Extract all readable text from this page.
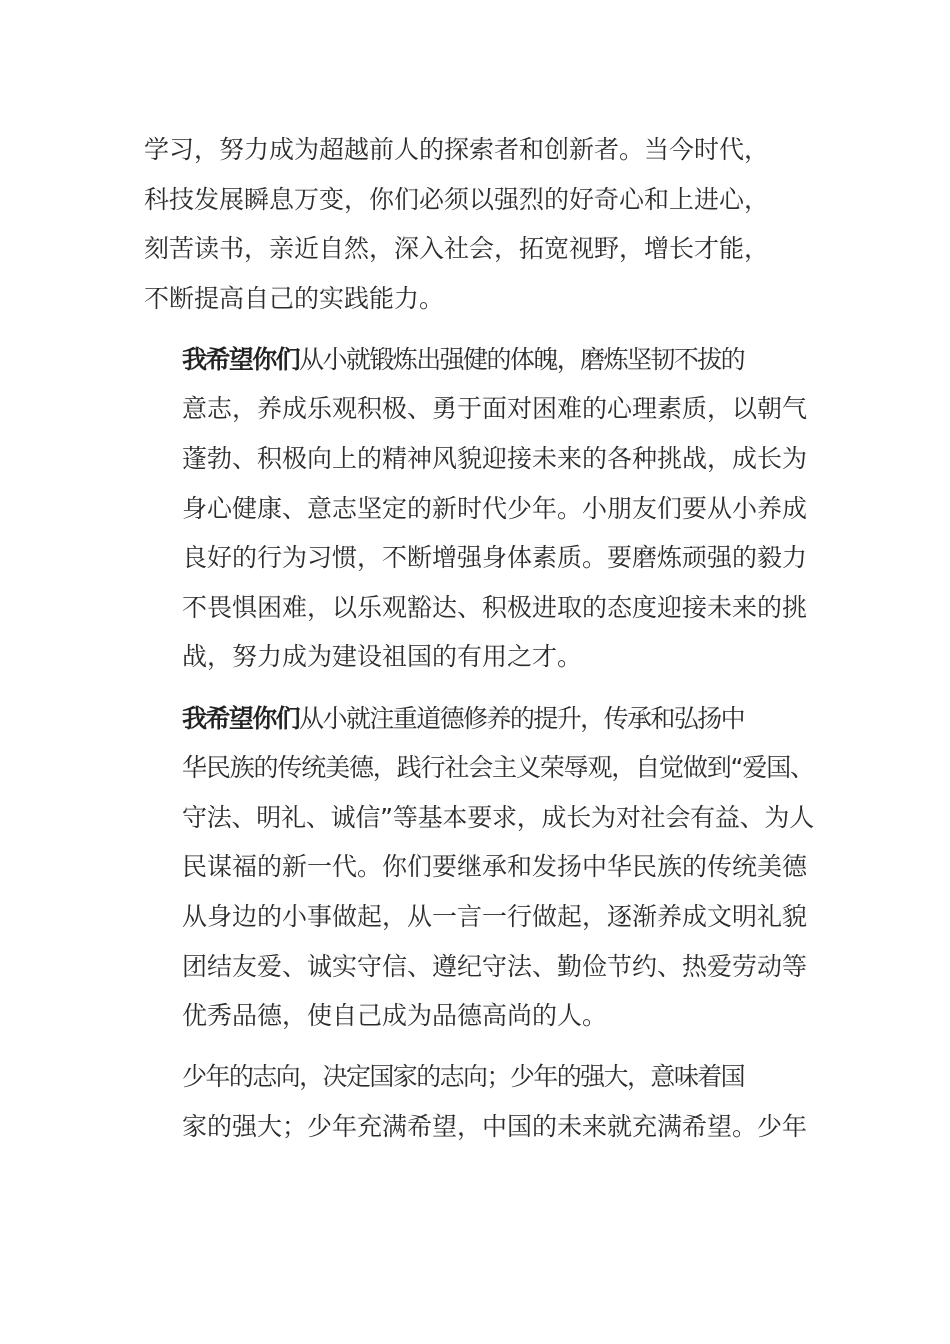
学习，努力成为超越前人的探索者和创新者。当今时代，
科技发展瞬息万变，你们必须以强烈的好奇心和上进心，
刻苦读书，亲近自然，深入社会，拓宽视野，增长才能，
不断提高自己的实践能力。

我希望你们从小就锻炼出强健的体魄，磨炼坚韧不拔的
意志，养成乐观积极、勇于面对困难的心理素质，以朝气
蓬勃、积极向上的精神风貌迎接未来的各种挑战，成长为
身心健康、意志坚定的新时代少年。小朋友们要从小养成
良好的行为习惯，不断增强身体素质。要磨炼顽强的毅力
不畏惧困难，以乐观豁达、积极进取的态度迎接未来的挑
战，努力成为建设祖国的有用之才。

我希望你们从小就注重道德修养的提升，传承和弘扬中
华民族的传统美德，践行社会主义荣辱观，自觉做到“爱国、
守法、明礼、诚信”等基本要求，成长为对社会有益、为人
民谋福的新一代。你们要继承和发扬中华民族的传统美德
从身边的小事做起，从一言一行做起，逐渐养成文明礼貌
团结友爱、诚实守信、遵纪守法、勤俭节约、热爱劳动等
优秀品德，使自己成为品德高尚的人。

少年的志向，决定国家的志向；少年的强大，意味着国
家的强大；少年充满希望，中国的未来就充满希望。少年
